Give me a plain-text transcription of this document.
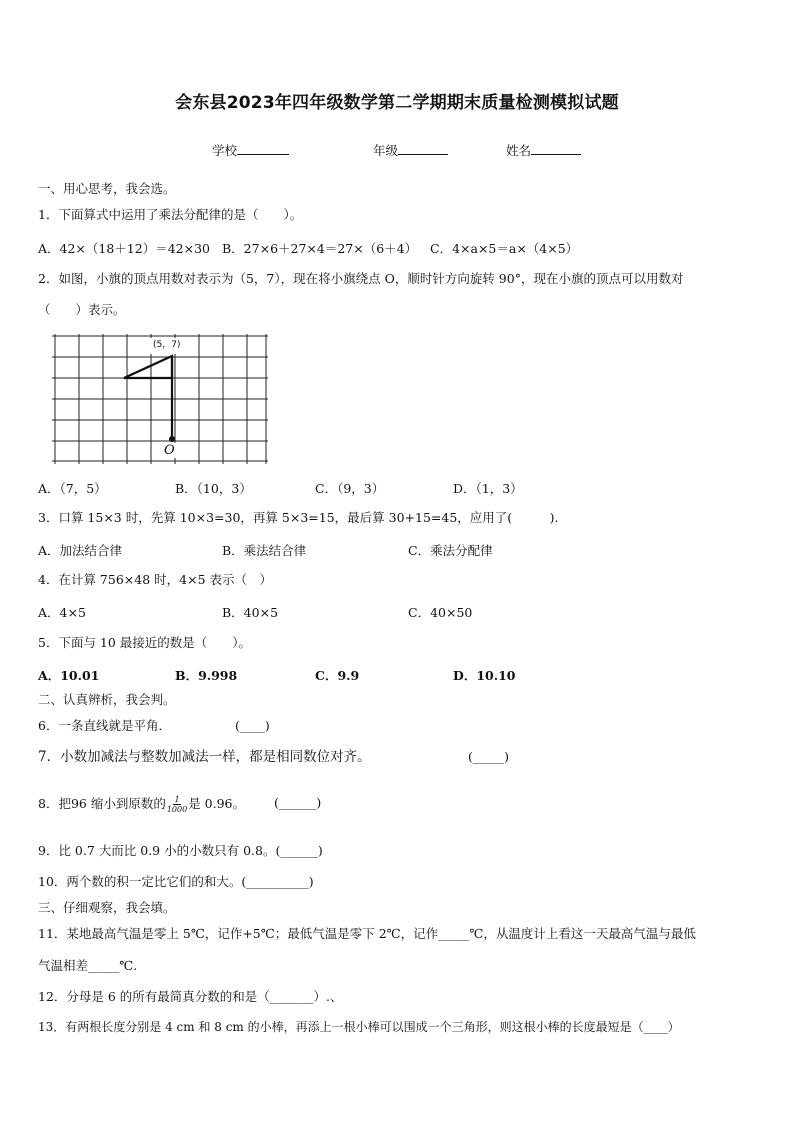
会东县2023年四年级数学第二学期期末质量检测模拟试题
学校	年级	姓名
一、用心思考，我会选。
1．下面算式中运用了乘法分配律的是（　　）。
A．42×（18＋12）＝42×30 B．27×6＋27×4＝27×（6＋4） C．4×a×5＝a×（4×5）
2．如图，小旗的顶点用数对表示为（5，7），现在将小旗绕点 O，顺时针方向旋转 90°，现在小旗的顶点可以用数对
（　　）表示。
(5，7)
O
A．（7，5）	B．（10，3）	C．（9，3）	D．（1，3）
3．口算 15×3 时，先算 10×3=30，再算 5×3=15，最后算 30+15=45，应用了(　　　).
A．加法结合律	B．乘法结合律	C．乘法分配律
4．在计算 756×48 时，4×5 表示（　）
A．4×5	B．40×5	C．40×50
5．下面与 10 最接近的数是（　　）。
A．10.01	B．9.998	C．9.9	D．10.10
二、认真辨析，我会判。
6．一条直线就是平角．	(____)
7．小数加减法与整数加减法一样，都是相同数位对齐。	(_____)
8．把96 缩小到原数的 $\frac{1}{1000}$ 是 0.96。 (______)
9．比 0.7 大而比 0.9 小的小数只有 0.8。(______)
10．两个数的积一定比它们的和大。(__________)
三、仔细观察，我会填。
11．某地最高气温是零上 5℃，记作+5℃；最低气温是零下 2℃，记作_____℃，从温度计上看这一天最高气温与最低
气温相差_____℃.
12．分母是 6 的所有最简真分数的和是（_______）.、
13．有两根长度分别是 4 cm 和 8 cm 的小棒，再添上一根小棒可以围成一个三角形，则这根小棒的长度最短是（____）
